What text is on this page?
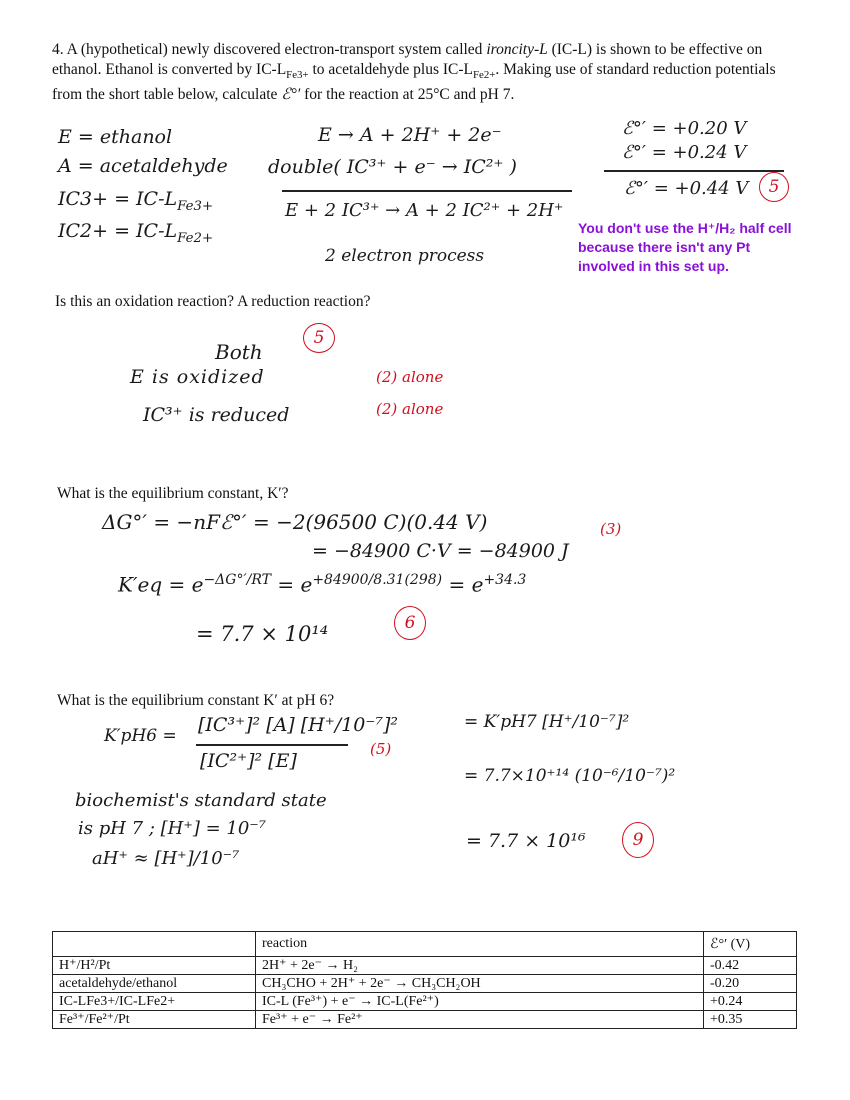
4. A (hypothetical) newly discovered electron-transport system called ironcity-L (IC-L) is shown to be effective on ethanol. Ethanol is converted by $IC-L_{Fe3+}$ to acetaldehyde plus $IC-L_{Fe2+}$. Making use of standard reduction potentials from the short table below, calculate ℰ°′ for the reaction at 25°C and pH 7.
E = ethanol
A = acetaldehyde
$IC3+ = IC-L_{Fe3+}$
$IC2+ = IC-L_{Fe2+}$
E → A + 2H⁺ + 2e⁻
double( IC³⁺ + e⁻ → IC²⁺ )
E + 2 IC³⁺ → A + 2 IC²⁺ + 2H⁺
2 electron process
ℰ°′ = +0.20 V
ℰ°′ = +0.24 V
ℰ°′ = +0.44 V	5
You don't use the H⁺/H₂ half cell because there isn't any Pt involved in this set up.
Is this an oxidation reaction? A reduction reaction?
Both
5
E is oxidized
IC³⁺ is reduced
(2) alone
(2) alone
What is the equilibrium constant, K′?
ΔG°′ = −nFℰ°′ = −2(96500 C)(0.44 V)
= −84900 C·V = −84900 J
(3)
$K'eq = e^{-\Delta G^\circ'/RT} = e^{+84900/8.31(298)} = e^{+34.3}$
= 7.7 × 10¹⁴	6
What is the equilibrium constant K′ at pH 6?
K′pH6 = [IC³⁺]² [A] [H⁺/10⁻⁷]²
[IC²⁺]² [E]
(5)
= K′pH7 [H⁺/10⁻⁷]²
= 7.7×10⁺¹⁴ (10⁻⁶/10⁻⁷)²
= 7.7 × 10¹⁶	9
biochemist's standard state
is pH 7 ; [H⁺] = 10⁻⁷
aH⁺ ≈ [H⁺]/10⁻⁷
	reaction	ℰ°′ (V)
H⁺/H²/Pt	2H⁺ + 2e⁻ → H₂	-0.42
acetaldehyde/ethanol	CH₃CHO + 2H⁺ + 2e⁻ → CH₃CH₂OH	-0.20
IC-LFe3+/IC-LFe2+	IC-L (Fe³⁺) + e⁻ → IC-L(Fe²⁺)	+0.24
Fe³⁺/Fe²⁺/Pt	Fe³⁺ + e⁻ → Fe²⁺	+0.35
